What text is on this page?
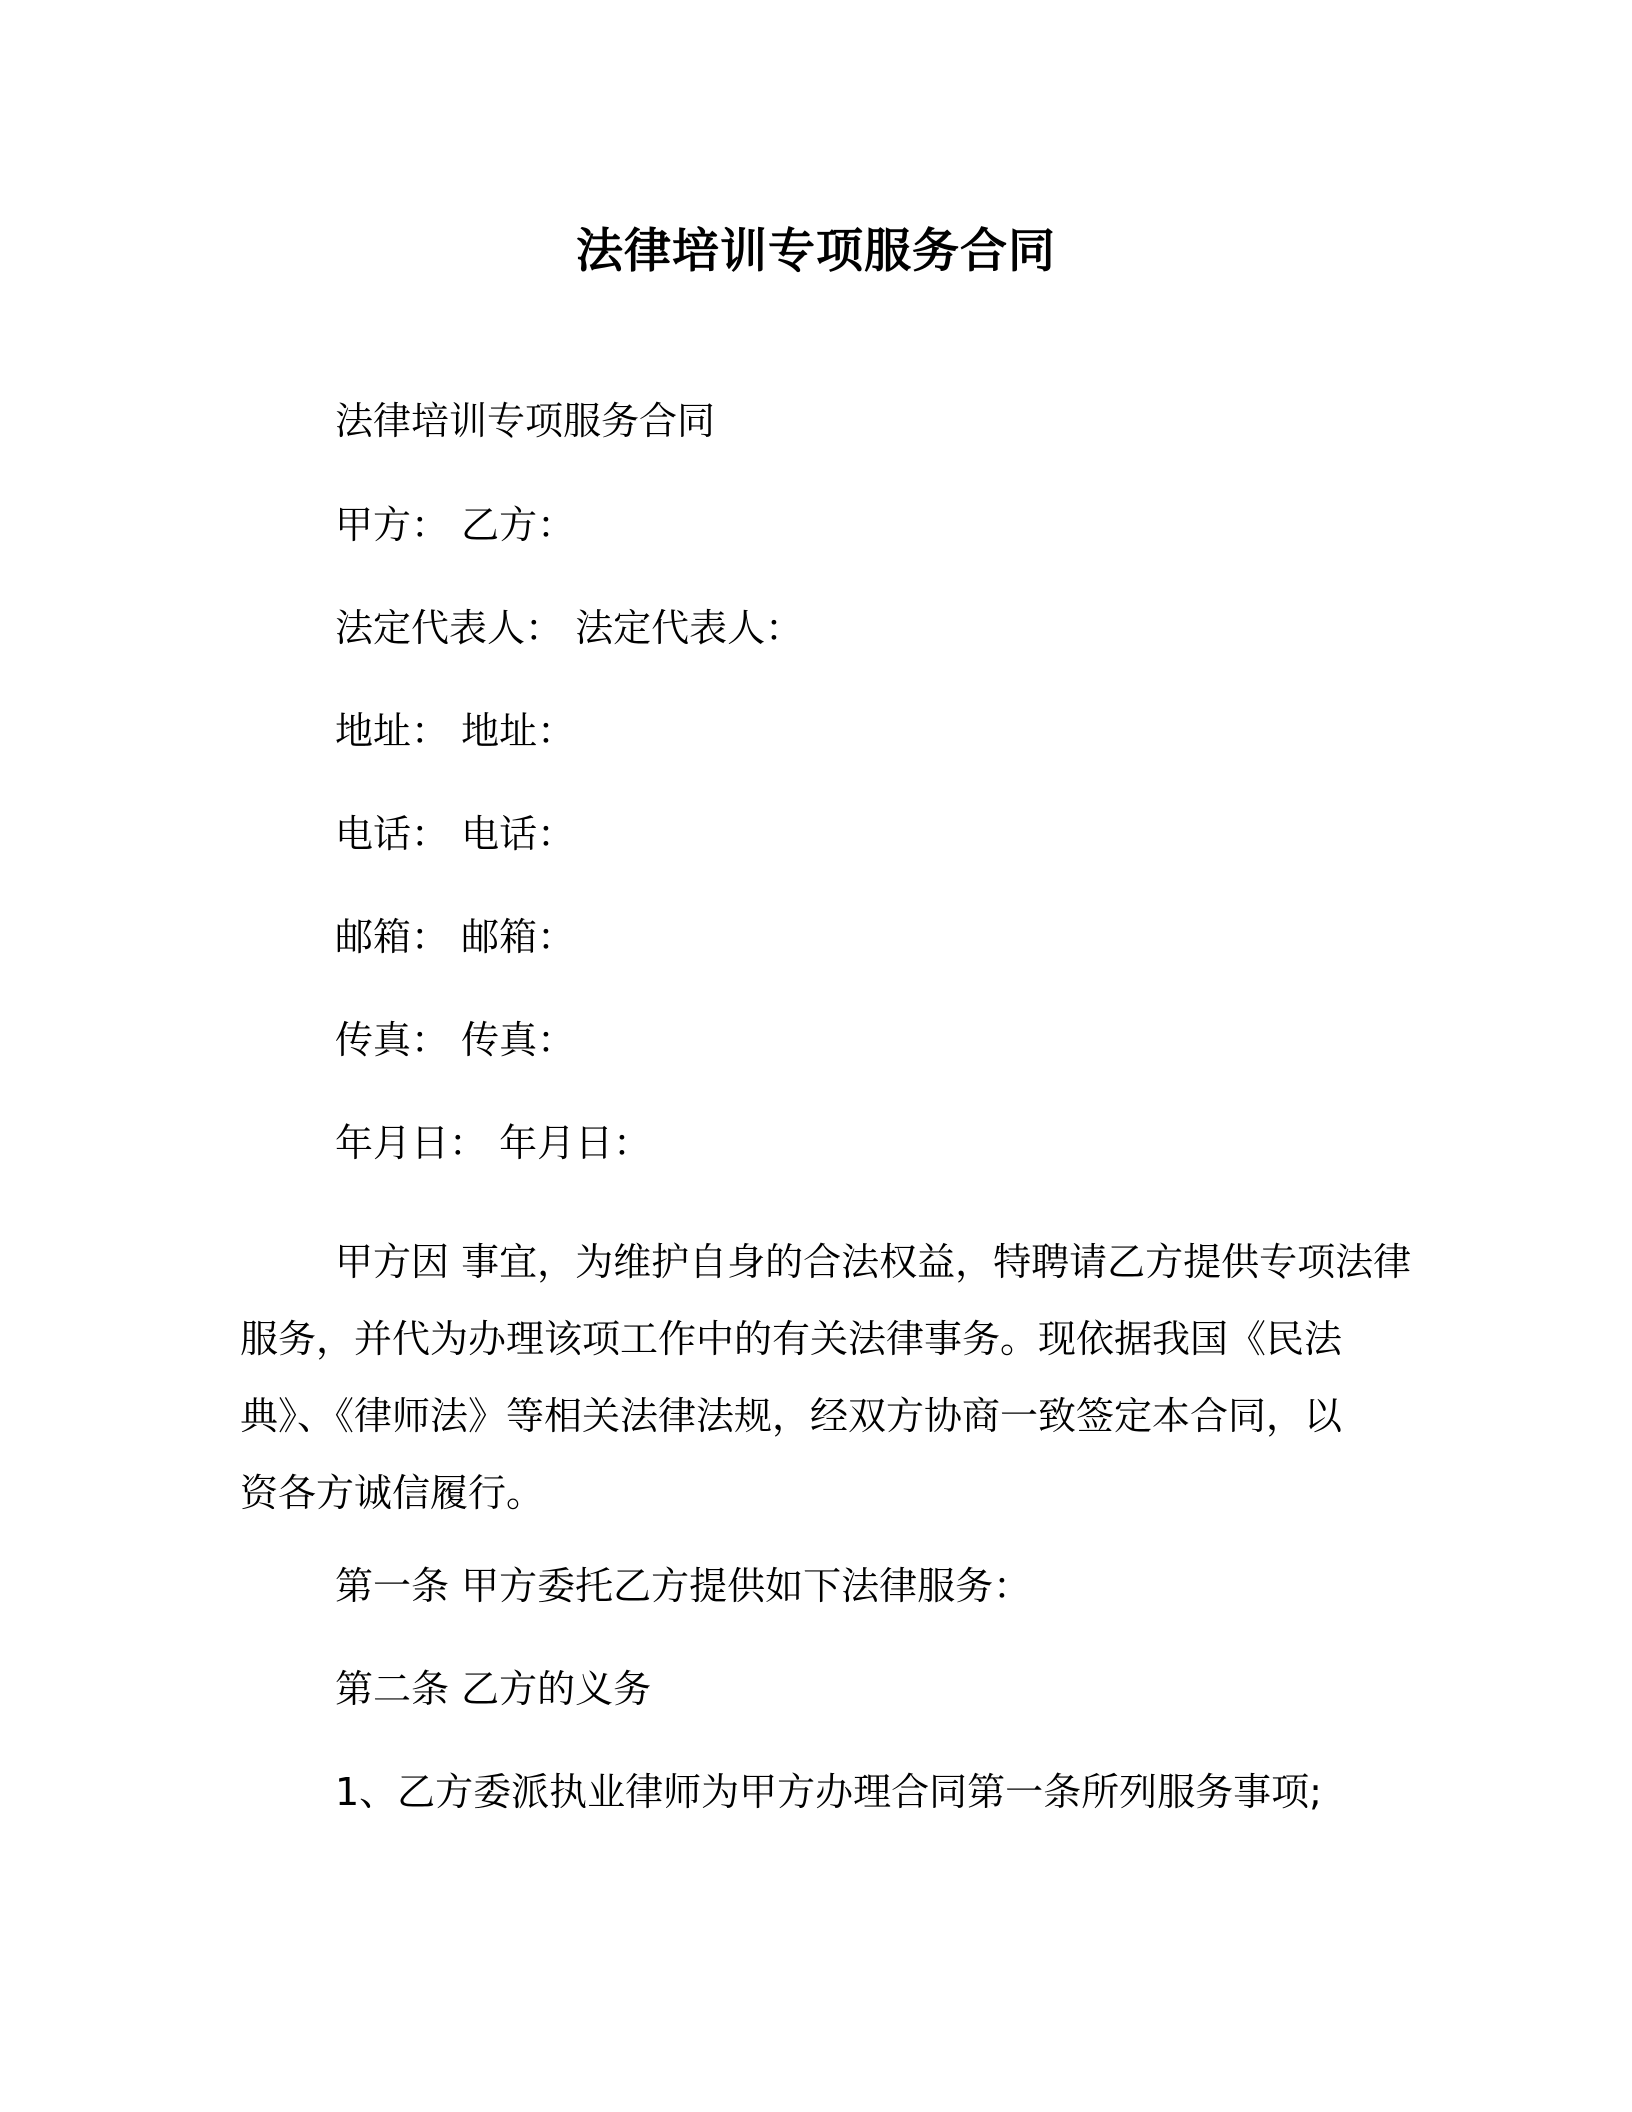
法律培训专项服务合同
法律培训专项服务合同
甲方： 乙方：
法定代表人： 法定代表人：
地址： 地址：
电话： 电话：
邮箱： 邮箱：
传真： 传真：
年月日： 年月日：
甲方因 事宜，为维护自身的合法权益，特聘请乙方提供专项法律
服务，并代为办理该项工作中的有关法律事务。现依据我国《民法
典》、《律师法》等相关法律法规，经双方协商一致签定本合同，以
资各方诚信履行。
第一条 甲方委托乙方提供如下法律服务：
第二条 乙方的义务
1、乙方委派执业律师为甲方办理合同第一条所列服务事项;
